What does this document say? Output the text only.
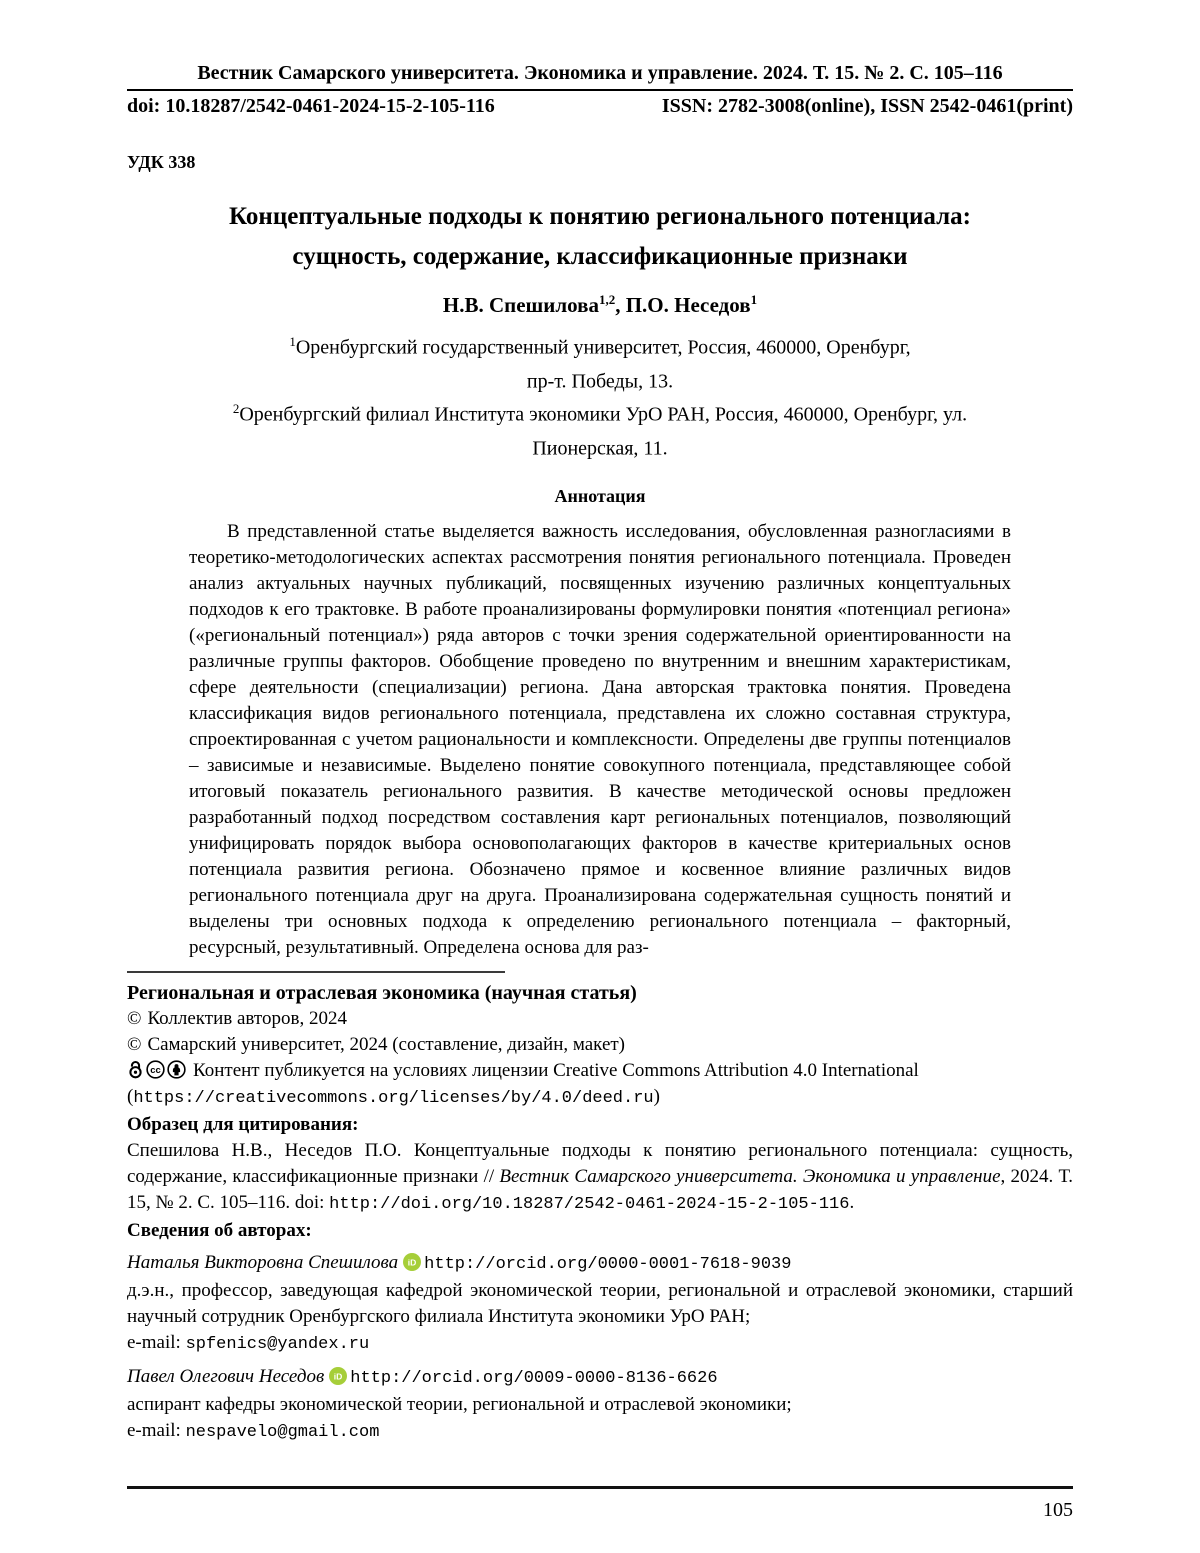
Вестник Самарского университета. Экономика и управление. 2024. Т. 15. № 2. С. 105–116
doi: 10.18287/2542-0461-2024-15-2-105-116	ISSN: 2782-3008(online), ISSN 2542-0461(print)
УДК 338
Концептуальные подходы к понятию регионального потенциала:
сущность, содержание, классификационные признаки
Н.В. Спешилова$^{1,2}$, П.О. Неседов$^1$
$^1$Оренбургский государственный университет, Россия, 460000, Оренбург,
пр-т. Победы, 13.
$^2$Оренбургский филиал Института экономики УрО РАН, Россия, 460000, Оренбург, ул.
Пионерская, 11.
Аннотация

В представленной статье выделяется важность исследования, обусловленная разногласиями в теоретико-методологических аспектах рассмотрения понятия регионального потенциала. Проведен анализ актуальных научных публикаций, посвященных изучению различных концептуальных подходов к его трактовке. В работе проанализированы формулировки понятия «потенциал региона» («региональный потенциал») ряда авторов с точки зрения содержательной ориентированности на различные группы факторов. Обобщение проведено по внутренним и внешним характеристикам, сфере деятельности (специализации) региона. Дана авторская трактовка понятия. Проведена классификация видов регионального потенциала, представлена их сложно составная структура, спроектированная с учетом рациональности и комплексности. Определены две группы потенциалов – зависимые и независимые. Выделено понятие совокупного потенциала, представляющее собой итоговый показатель регионального развития. В качестве методической основы предложен разработанный подход посредством составления карт региональных потенциалов, позволяющий унифицировать порядок выбора основополагающих факторов в качестве критериальных основ потенциала развития региона. Обозначено прямое и косвенное влияние различных видов регионального потенциала друг на друга. Проанализирована содержательная сущность понятий и выделены три основных подхода к определению регионального потенциала – факторный, ресурсный, результативный. Определена основа для раз-

Региональная и отраслевая экономика (научная статья)
© Коллектив авторов, 2024
© Самарский университет, 2024 (составление, дизайн, макет)
cc Контент публикуется на условиях лицензии Creative Commons Attribution 4.0 International (https://creativecommons.org/licenses/by/4.0/deed.ru)
Образец для цитирования:
Спешилова Н.В., Неседов П.О. Концептуальные подходы к понятию регионального потенциала: сущность, содержание, классификационные признаки // Вестник Самарского университета. Экономика и управление, 2024. Т. 15, № 2. С. 105–116. doi: http://doi.org/10.18287/2542-0461-2024-15-2-105-116.
Сведения об авторах:
Наталья Викторовна Спешилова iD http://orcid.org/0000-0001-7618-9039
д.э.н., профессор, заведующая кафедрой экономической теории, региональной и отраслевой экономики, старший научный сотрудник Оренбургского филиала Института экономики УрО РАН;
e-mail: spfenics@yandex.ru
Павел Олегович Неседов iD http://orcid.org/0009-0000-8136-6626
аспирант кафедры экономической теории, региональной и отраслевой экономики;
e-mail: nespavelo@gmail.com
105
